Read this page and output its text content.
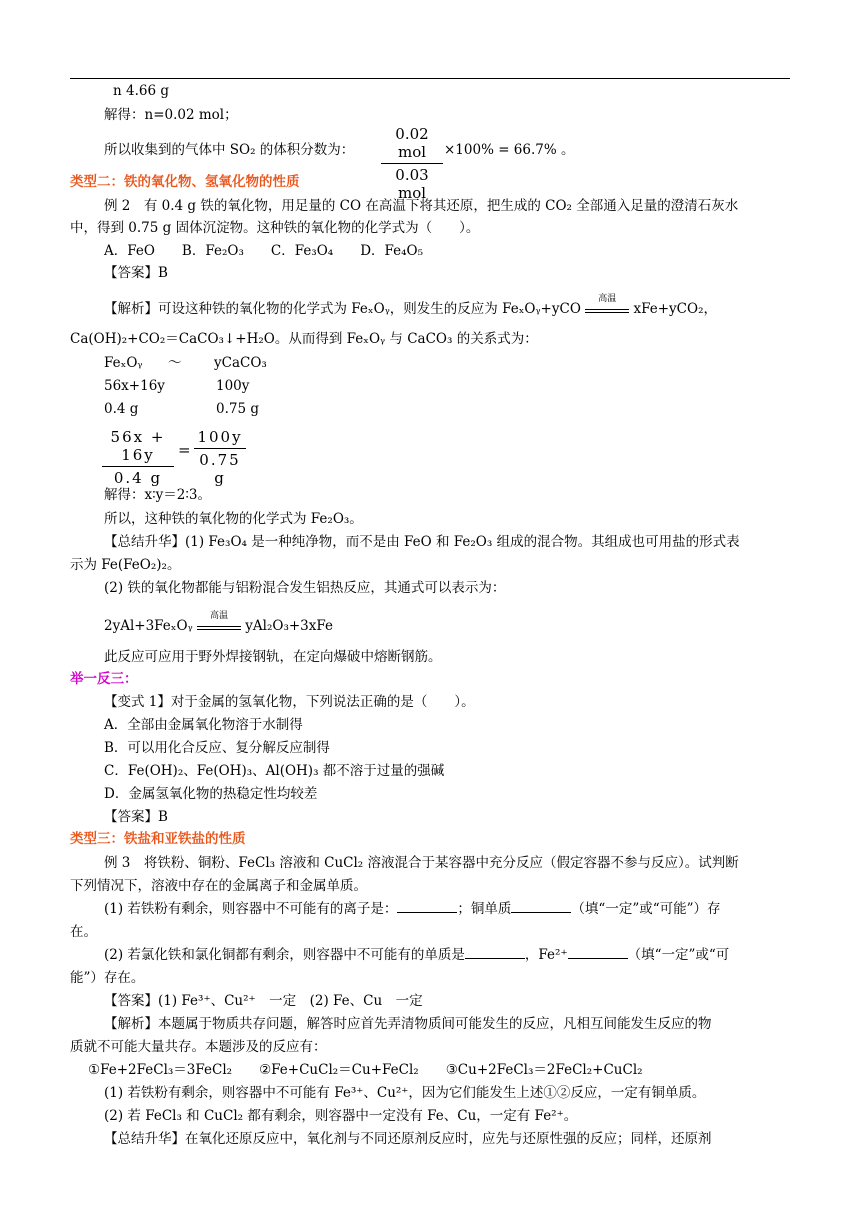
n 4.66 g
解得：n=0.02 mol；
所以收集到的气体中 SO₂ 的体积分数为：
0.02 mol
0.03 mol
×100% = 66.7% 。
类型二：铁的氧化物、氢氧化物的性质
例 2　有 0.4 g 铁的氧化物，用足量的 CO 在高温下将其还原，把生成的 CO₂ 全部通入足量的澄清石灰水
中，得到 0.75 g 固体沉淀物。这种铁的氧化物的化学式为（　　）。
A．FeO　　B．Fe₂O₃　　C．Fe₃O₄　　D．Fe₄O₅
【答案】B
【解析】可设这种铁的氧化物的化学式为 FeₓOᵧ，则发生的反应为 FeₓOᵧ+yCO
高温
xFe+yCO₂，
Ca(OH)₂+CO₂＝CaCO₃↓+H₂O。从而得到 FeₓOᵧ 与 CaCO₃ 的关系式为：
FeₓOᵧ ～ yCaCO₃
56x+16y	100y
0.4 g	0.75 g
56x + 16y
0.4 g
=
100y
0.75 g
解得：x∶y＝2∶3。
所以，这种铁的氧化物的化学式为 Fe₂O₃。
【总结升华】(1) Fe₃O₄ 是一种纯净物，而不是由 FeO 和 Fe₂O₃ 组成的混合物。其组成也可用盐的形式表
示为 Fe(FeO₂)₂。
(2) 铁的氧化物都能与铝粉混合发生铝热反应，其通式可以表示为：
2yAl+3FeₓOᵧ
高温
yAl₂O₃+3xFe
此反应可应用于野外焊接钢轨，在定向爆破中熔断钢筋。
举一反三：
【变式 1】对于金属的氢氧化物，下列说法正确的是（　　）。
A．全部由金属氧化物溶于水制得
B．可以用化合反应、复分解反应制得
C．Fe(OH)₂、Fe(OH)₃、Al(OH)₃ 都不溶于过量的强碱
D．金属氢氧化物的热稳定性均较差
【答案】B
类型三：铁盐和亚铁盐的性质
例 3　将铁粉、铜粉、FeCl₃ 溶液和 CuCl₂ 溶液混合于某容器中充分反应（假定容器不参与反应）。试判断
下列情况下，溶液中存在的金属离子和金属单质。
(1) 若铁粉有剩余，则容器中不可能有的离子是：	；铜单质	（填“一定”或“可能”）存
在。
(2) 若氯化铁和氯化铜都有剩余，则容器中不可能有的单质是	，Fe²⁺	（填“一定”或“可
能”）存在。
【答案】(1) Fe³⁺、Cu²⁺　一定　(2) Fe、Cu　一定
【解析】本题属于物质共存问题，解答时应首先弄清物质间可能发生的反应，凡相互间能发生反应的物
质就不可能大量共存。本题涉及的反应有：
①Fe+2FeCl₃＝3FeCl₂　　②Fe+CuCl₂＝Cu+FeCl₂　　③Cu+2FeCl₃＝2FeCl₂+CuCl₂
(1) 若铁粉有剩余，则容器中不可能有 Fe³⁺、Cu²⁺，因为它们能发生上述①②反应，一定有铜单质。
(2) 若 FeCl₃ 和 CuCl₂ 都有剩余，则容器中一定没有 Fe、Cu，一定有 Fe²⁺。
【总结升华】在氧化还原反应中，氧化剂与不同还原剂反应时，应先与还原性强的反应；同样，还原剂
